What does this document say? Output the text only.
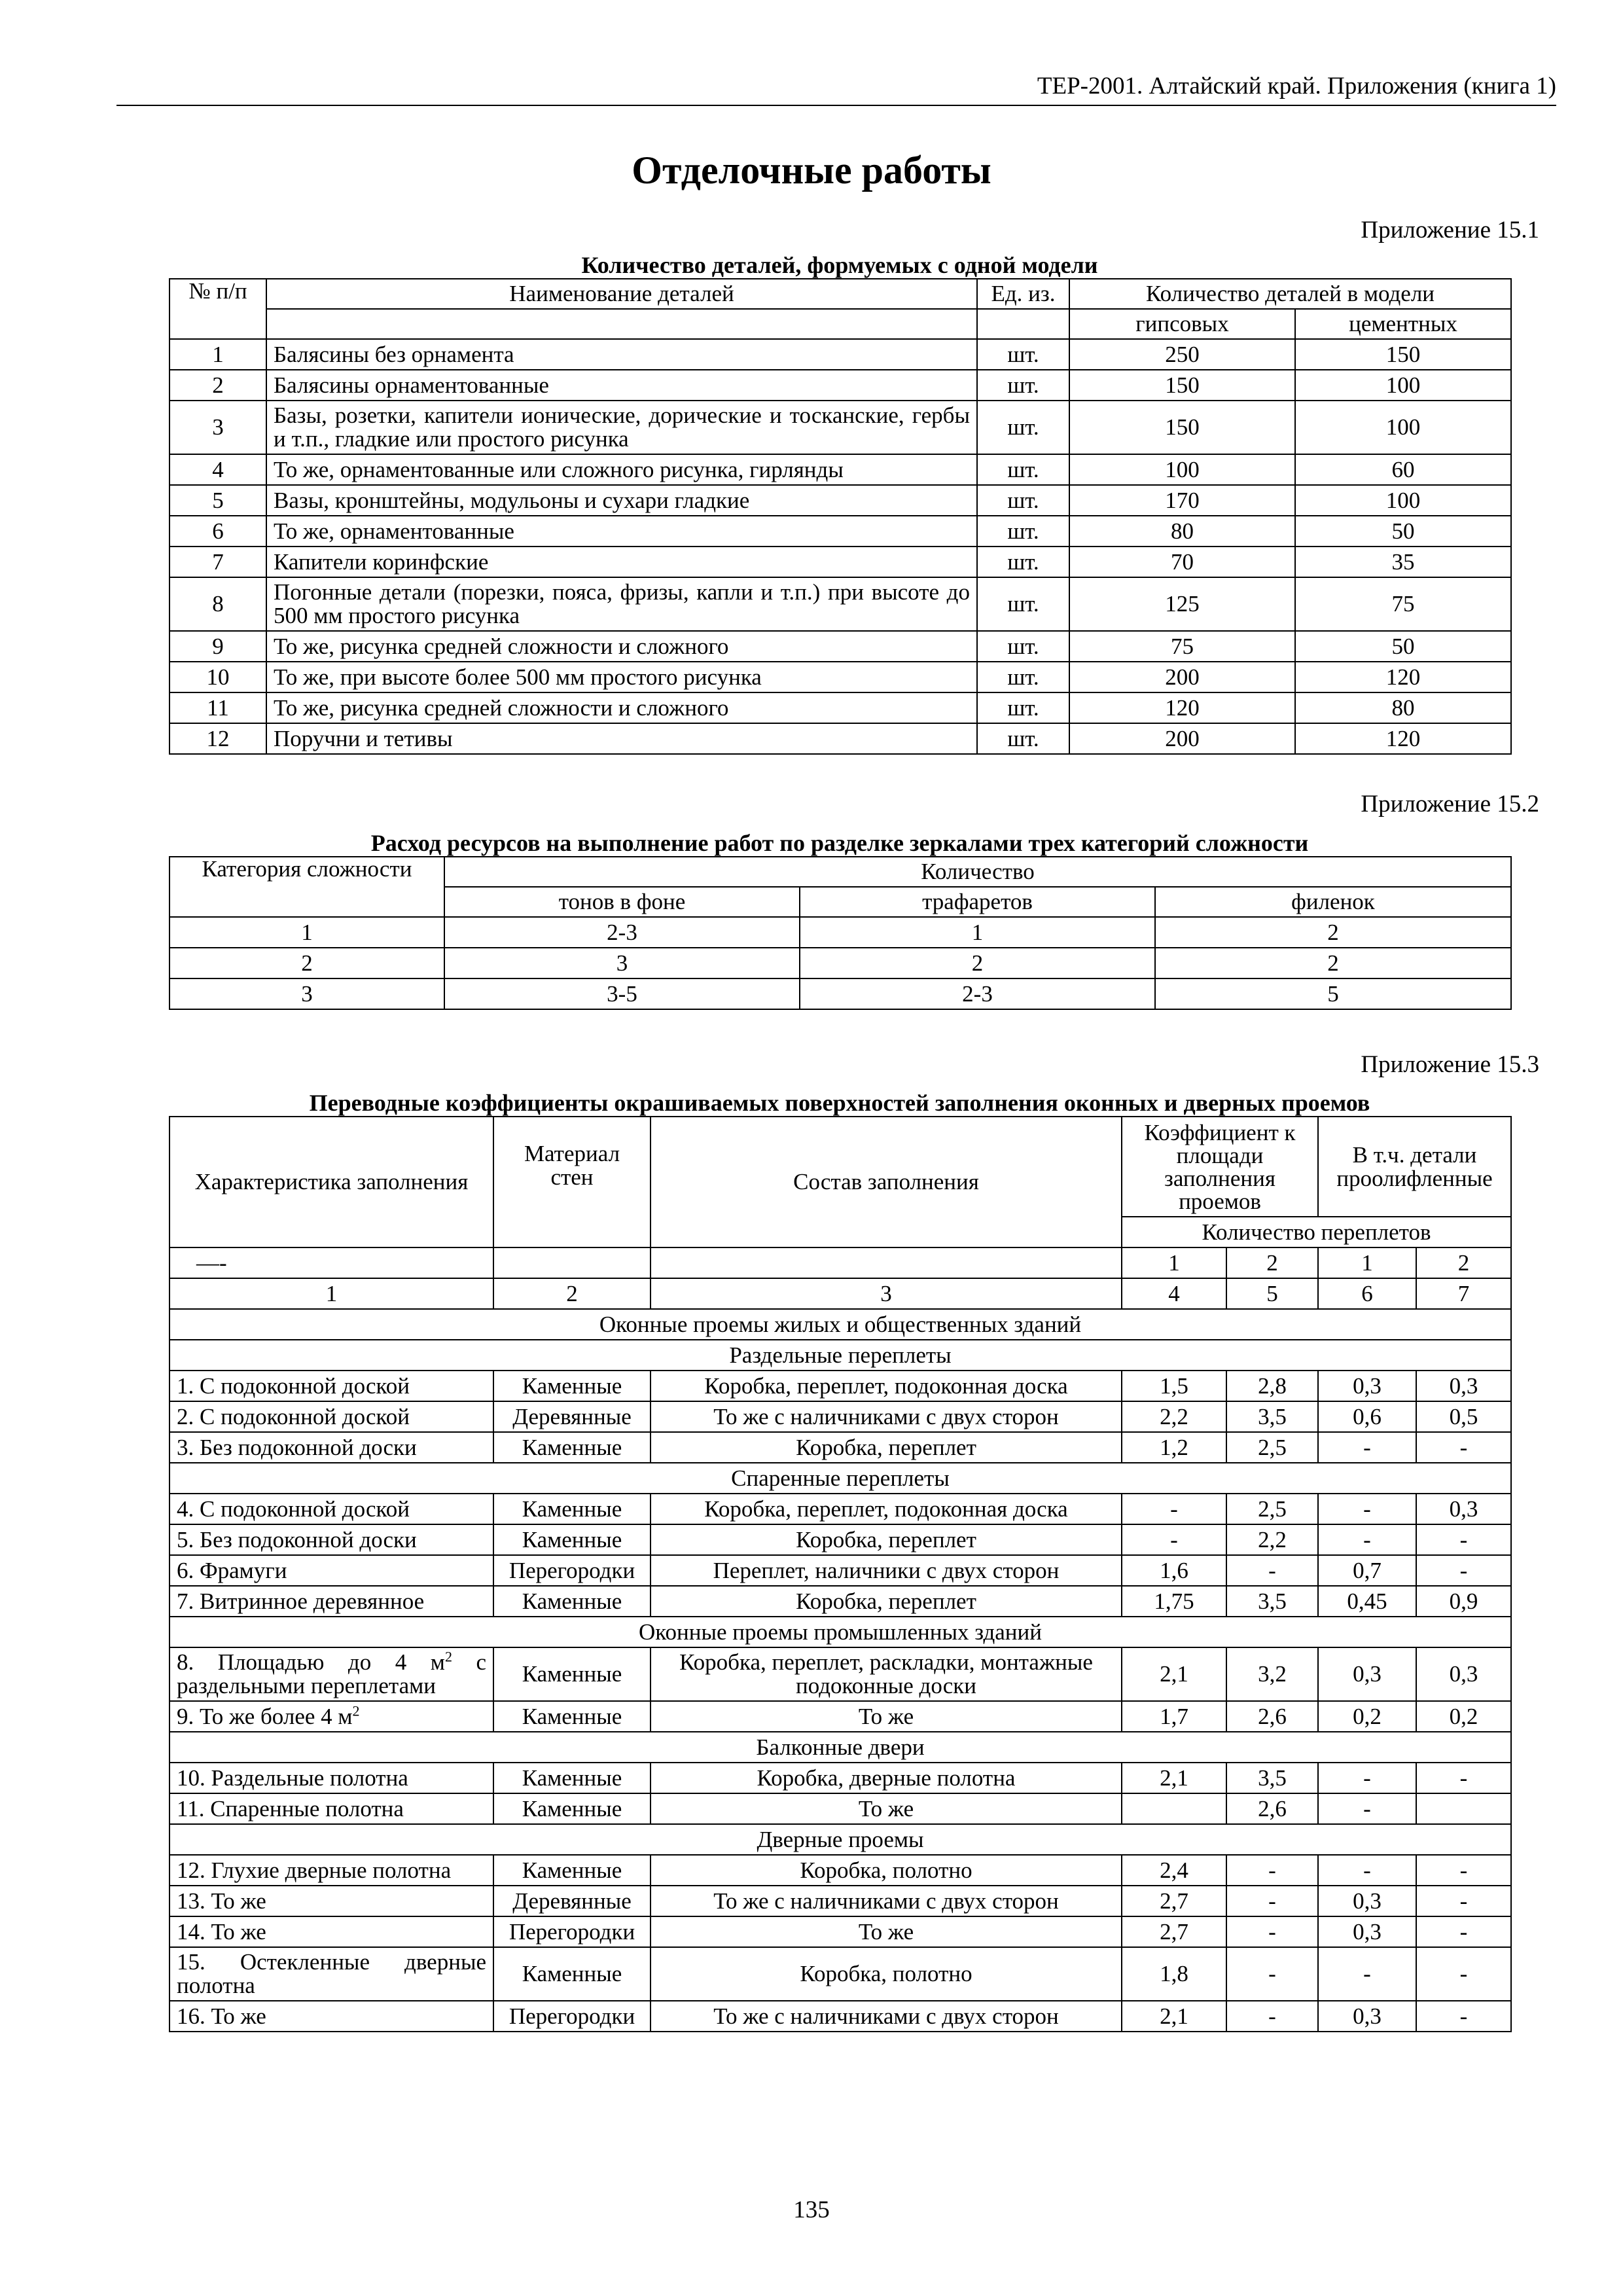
ТЕР-2001. Алтайский край. Приложения (книга 1)
Отделочные работы
Приложение 15.1
Количество деталей, формуемых с одной модели
№ п/п	Наименование деталей	Ед. из.	Количество деталей в модели	
			гипсовых	цементных
1	Балясины без орнамента	шт.	250	150
2	Балясины орнаментованные	шт.	150	100
3	Базы, розетки, капители ионические, дорические и тосканские, гербы и т.п., гладкие или простого рисунка	шт.	150	100
4	То же, орнаментованные или сложного рисунка, гирлянды	шт.	100	60
5	Вазы, кронштейны, модульоны и сухари гладкие	шт.	170	100
6	То же, орнаментованные	шт.	80	50
7	Капители коринфские	шт.	70	35
8	Погонные детали (порезки, пояса, фризы, капли и т.п.) при высоте до 500 мм простого рисунка	шт.	125	75
9	То же, рисунка средней сложности и сложного	шт.	75	50
10	То же, при высоте более 500 мм простого рисунка	шт.	200	120
11	То же, рисунка средней сложности и сложного	шт.	120	80
12	Поручни и тетивы	шт.	200	120
Приложение 15.2
Расход ресурсов на выполнение работ по разделке зеркалами трех категорий сложности
Категория сложности	Количество		
	тонов в фоне	трафаретов	филенок
1	2-3	1	2
2	3	2	2
3	3-5	2-3	5
Приложение 15.3
Переводные коэффициенты окрашиваемых поверхностей заполнения оконных и дверных проемов
Характеристика заполнения	Материал стен	Состав заполнения	Коэффициент к площади заполнения проемов		В т.ч. детали проолифленные	
			Количество переплетов			
—-			1	2	1	2
1	2	3	4	5	6	7
Оконные проемы жилых и общественных зданий						
Раздельные переплеты						
1. С подоконной доской	Каменные	Коробка, переплет, подоконная доска	1,5	2,8	0,3	0,3
2. С подоконной доской	Деревянные	То же с наличниками с двух сторон	2,2	3,5	0,6	0,5
3. Без подоконной доски	Каменные	Коробка, переплет	1,2	2,5	-	-
Спаренные переплеты						
4. С подоконной доской	Каменные	Коробка, переплет, подоконная доска	-	2,5	-	0,3
5. Без подоконной доски	Каменные	Коробка, переплет	-	2,2	-	-
6. Фрамуги	Перегородки	Переплет, наличники с двух сторон	1,6	-	0,7	-
7. Витринное деревянное	Каменные	Коробка, переплет	1,75	3,5	0,45	0,9
Оконные проемы промышленных зданий						
8. Площадью до 4 $м^2$ с раздельными переплетами	Каменные	Коробка, переплет, раскладки, монтажные подоконные доски	2,1	3,2	0,3	0,3
9. То же более 4 $м^2$	Каменные	То же	1,7	2,6	0,2	0,2
Балконные двери						
10. Раздельные полотна	Каменные	Коробка, дверные полотна	2,1	3,5	-	-
11. Спаренные полотна	Каменные	То же		2,6	-	
Дверные проемы						
12. Глухие дверные полотна	Каменные	Коробка, полотно	2,4	-	-	-
13. То же	Деревянные	То же с наличниками с двух сторон	2,7	-	0,3	-
14. То же	Перегородки	То же	2,7	-	0,3	-
15. Остекленные дверные полотна	Каменные	Коробка, полотно	1,8	-	-	-
16. То же	Перегородки	То же с наличниками с двух сторон	2,1	-	0,3	-
135
